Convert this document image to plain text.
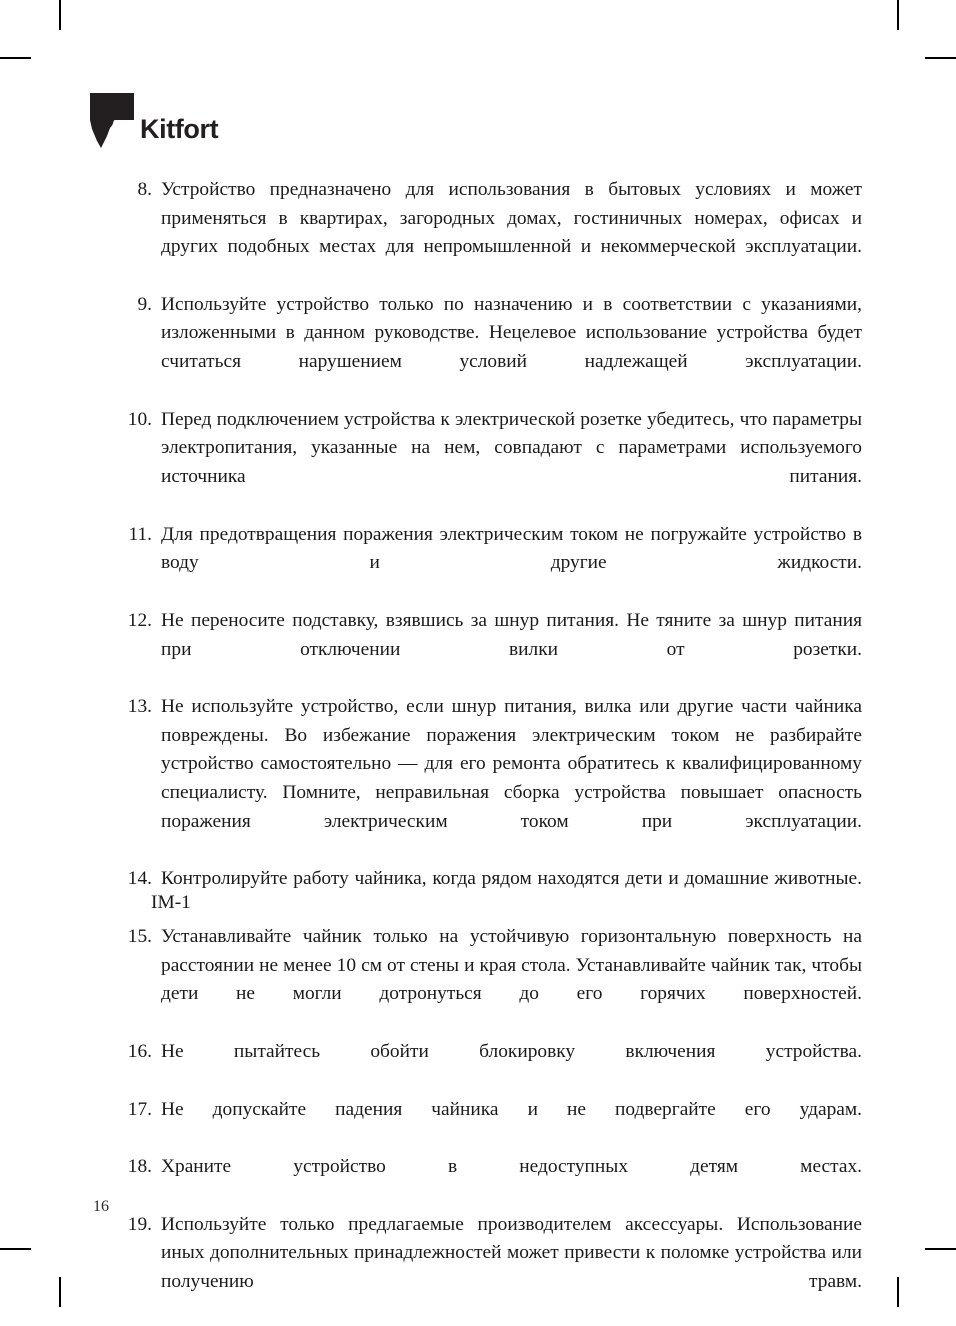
Kitfort
8. Устройство предназначено для использования в бытовых условиях и может применяться в квартирах, загородных домах, гостиничных номерах, офисах и других подобных местах для непромышленной и некоммерческой эксплуатации.
9. Используйте устройство только по назначению и в соответствии с указаниями, изложенными в данном руководстве. Нецелевое использование устройства будет считаться нарушением условий надлежащей эксплуатации.
10. Перед подключением устройства к электрической розетке убедитесь, что параметры электропитания, указанные на нем, совпадают с параметрами используемого источника питания.
11. Для предотвращения поражения электрическим током не погружайте устройство в воду и другие жидкости.
12. Не переносите подставку, взявшись за шнур питания. Не тяните за шнур питания при отключении вилки от розетки.
13. Не используйте устройство, если шнур питания, вилка или другие части чайника повреждены. Во избежание поражения электрическим током не разбирайте устройство самостоятельно — для его ремонта обратитесь к квалифицированному специалисту. Помните, неправильная сборка устройства повышает опасность поражения электрическим током при эксплуатации.
14. Контролируйте работу чайника, когда рядом находятся дети и домашние животные.
15. Устанавливайте чайник только на устойчивую горизонтальную поверхность на расстоянии не менее 10 см от стены и края стола. Устанавливайте чайник так, чтобы дети не могли дотронуться до его горячих поверхностей.
16. Не пытайтесь обойти блокировку включения устройства.
17. Не допускайте падения чайника и не подвергайте его ударам.
18. Храните устройство в недоступных детям местах.
19. Используйте только предлагаемые производителем аксессуары. Использование иных дополнительных принадлежностей может привести к поломке устройства или получению травм.
IM-1
16
